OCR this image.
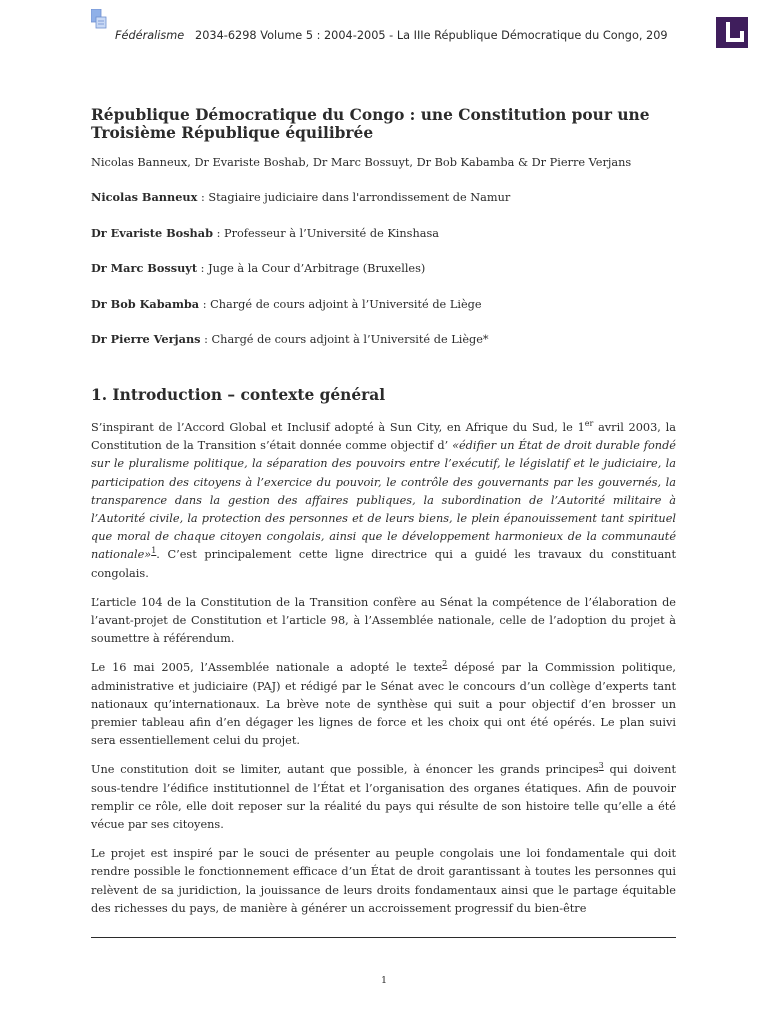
Fédéralisme 2034-6298 Volume 5 : 2004-2005 - La IIIe République Démocratique du Congo, 209
République Démocratique du Congo : une Constitution pour une Troisième République équilibrée

Nicolas Banneux, Dr Evariste Boshab, Dr Marc Bossuyt, Dr Bob Kabamba & Dr Pierre Verjans

Nicolas Banneux : Stagiaire judiciaire dans l'arrondissement de Namur

Dr Evariste Boshab : Professeur à l’Université de Kinshasa

Dr Marc Bossuyt : Juge à la Cour d’Arbitrage (Bruxelles)

Dr Bob Kabamba : Chargé de cours adjoint à l’Université de Liège

Dr Pierre Verjans : Chargé de cours adjoint à l’Université de Liège*

1. Introduction – contexte général

S’inspirant de l’Accord Global et Inclusif adopté à Sun City, en Afrique du Sud, le 1er avril 2003, la Constitution de la Transition s’était donnée comme objectif d’ «édifier un État de droit durable fondé sur le pluralisme politique, la séparation des pouvoirs entre l’exécutif, le législatif et le judiciaire, la participation des citoyens à l’exercice du pouvoir, le contrôle des gouvernants par les gouvernés, la transparence dans la gestion des affaires publiques, la subordination de l’Autorité militaire à l’Autorité civile, la protection des personnes et de leurs biens, le plein épanouissement tant spirituel que moral de chaque citoyen congolais, ainsi que le développement harmonieux de la communauté nationale»$^1$. C’est principalement cette ligne directrice qui a guidé les travaux du constituant congolais.

L’article 104 de la Constitution de la Transition confère au Sénat la compétence de l’élaboration de l’avant-projet de Constitution et l’article 98, à l’Assemblée nationale, celle de l’adoption du projet à soumettre à référendum.

Le 16 mai 2005, l’Assemblée nationale a adopté le texte$^2$ déposé par la Commission politique, administrative et judiciaire (PAJ) et rédigé par le Sénat avec le concours d’un collège d’experts tant nationaux qu’internationaux. La brève note de synthèse qui suit a pour objectif d’en brosser un premier tableau afin d’en dégager les lignes de force et les choix qui ont été opérés. Le plan suivi sera essentiellement celui du projet.

Une constitution doit se limiter, autant que possible, à énoncer les grands principes$^3$ qui doivent sous-tendre l’édifice institutionnel de l’État et l’organisation des organes étatiques. Afin de pouvoir remplir ce rôle, elle doit reposer sur la réalité du pays qui résulte de son histoire telle qu’elle a été vécue par ses citoyens.

Le projet est inspiré par le souci de présenter au peuple congolais une loi fondamentale qui doit rendre possible le fonctionnement efficace d’un État de droit garantissant à toutes les personnes qui relèvent de sa juridiction, la jouissance de leurs droits fondamentaux ainsi que le partage équitable des richesses du pays, de manière à générer un accroissement progressif du bien-être

1
